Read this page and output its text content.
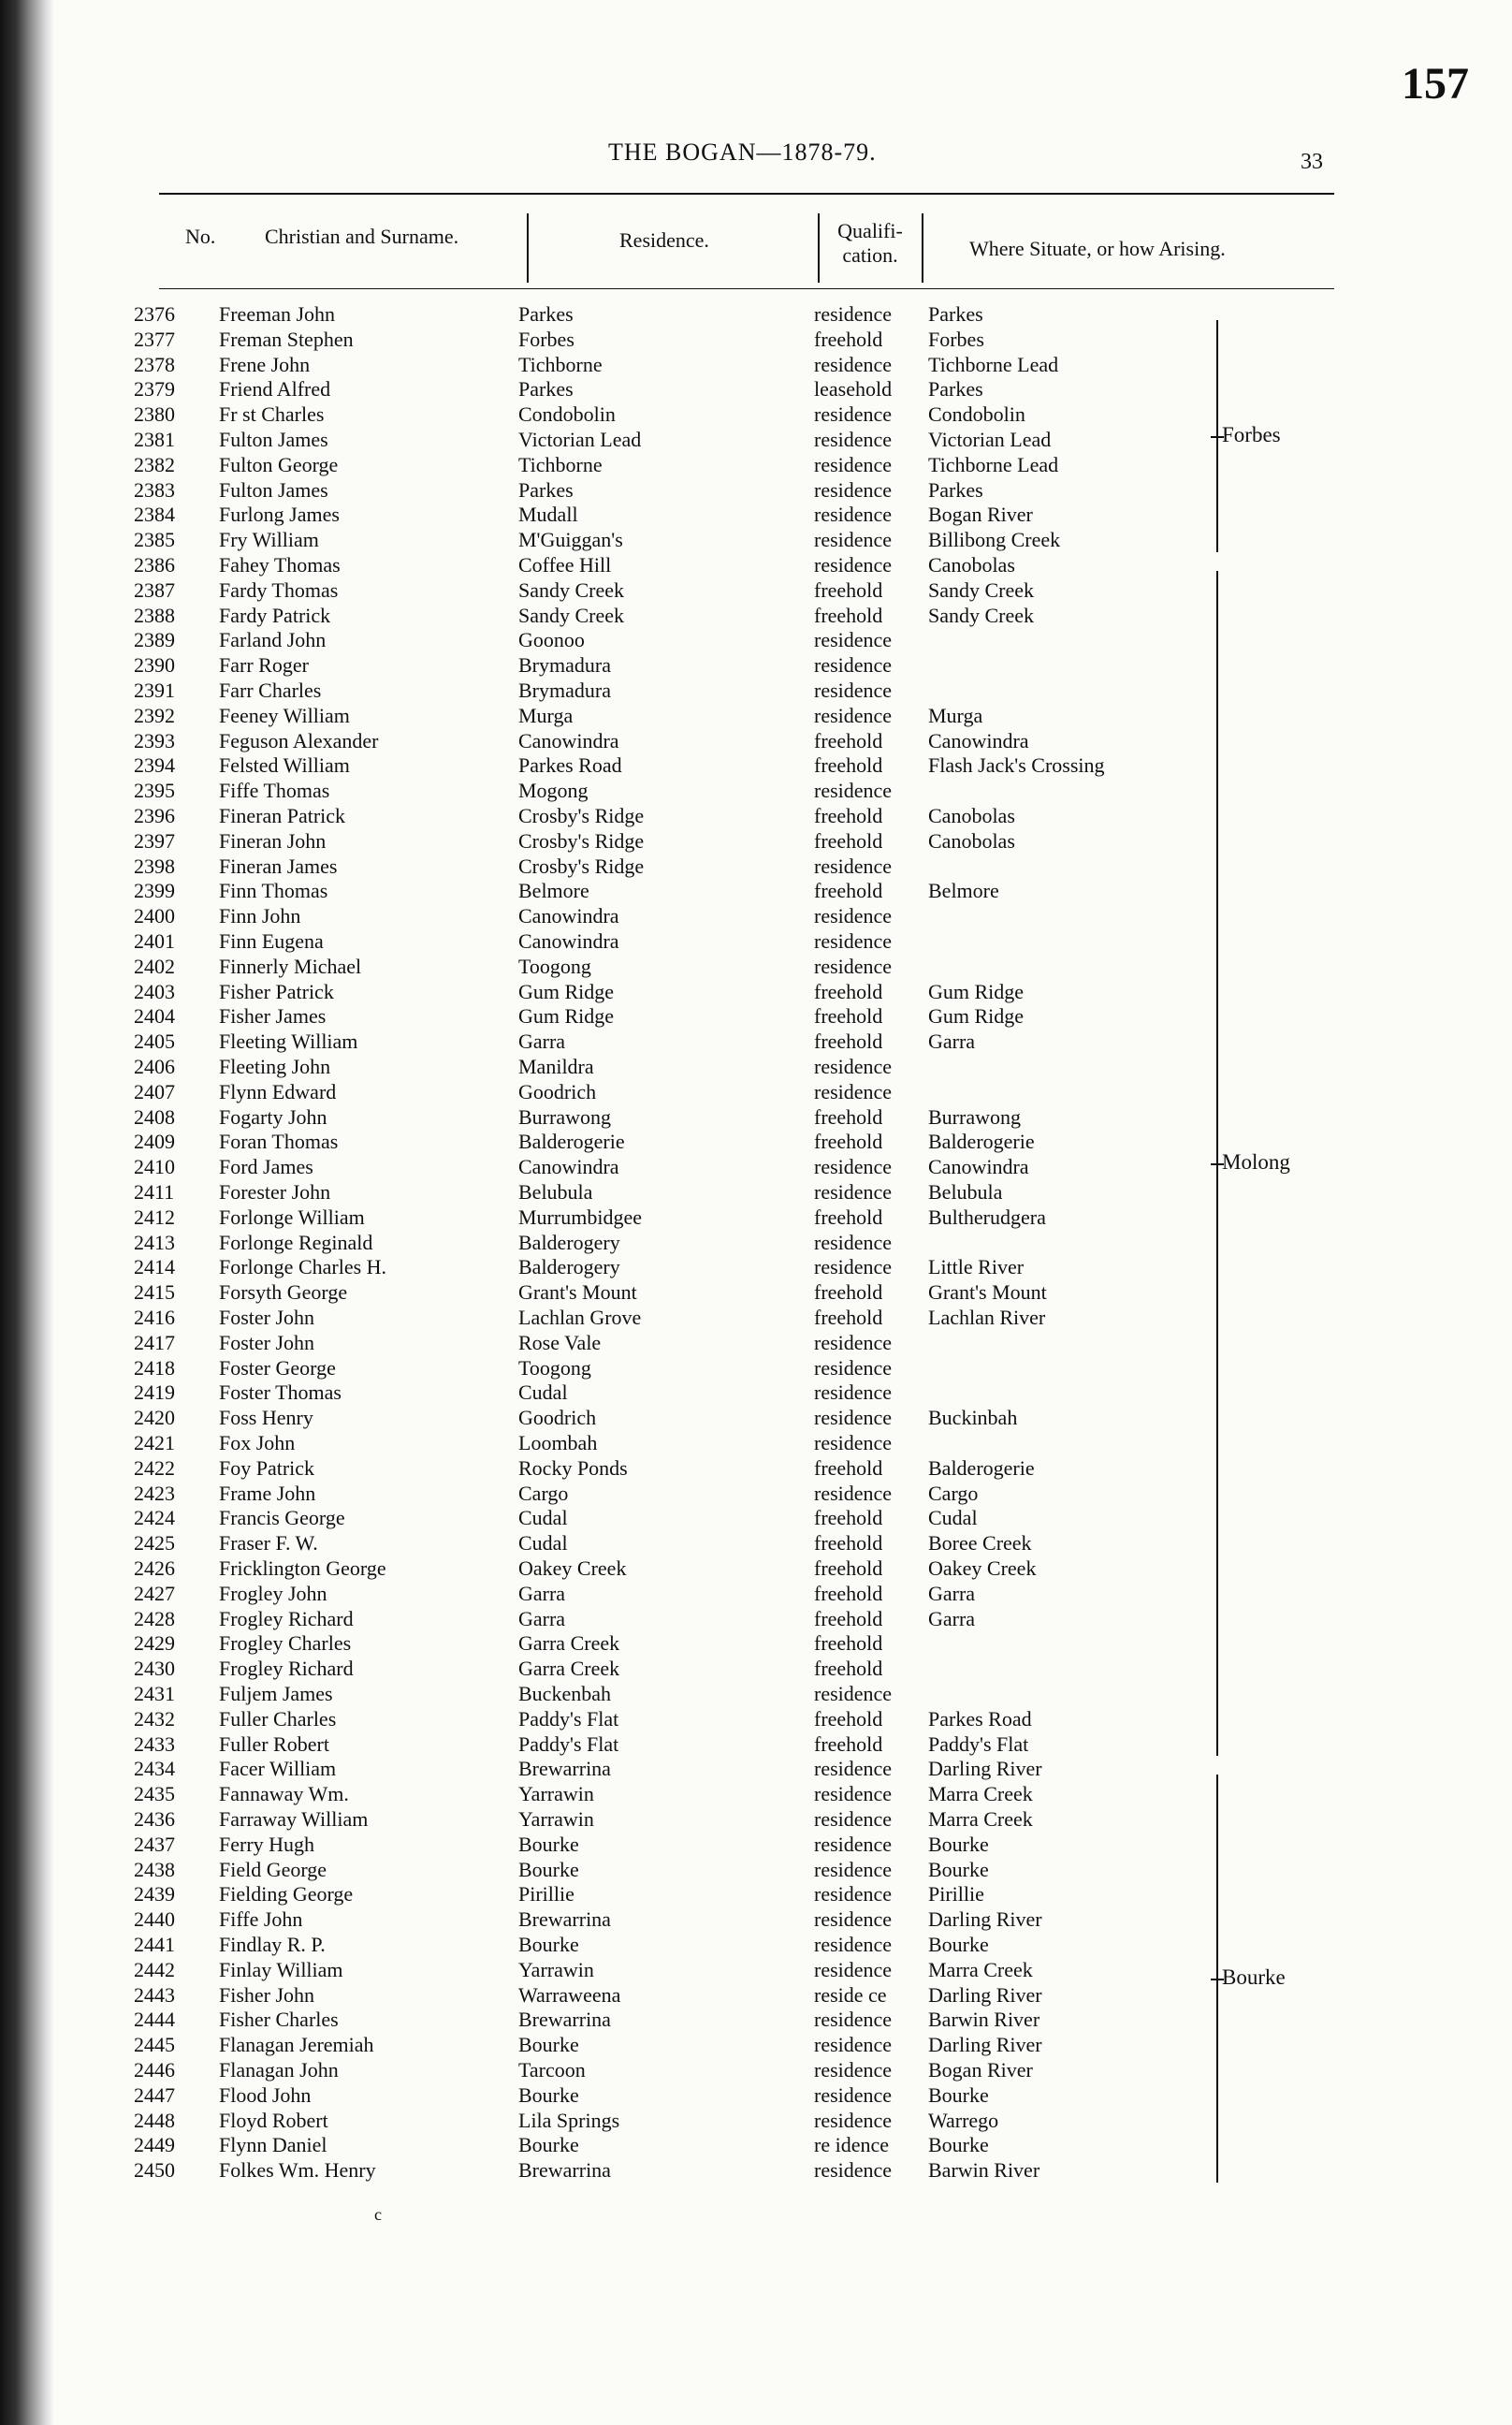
157
THE BOGAN—1878-79.	33
No. Christian and Surname.	Residence.	Qualifi-
cation.	Where Situate, or how Arising.
2376	Freeman John	Parkes	residence Parkes
2377	Freman Stephen	Forbes	freehold Forbes
2378	Frene John	Tichborne	residence Tichborne Lead
2379	Friend Alfred	Parkes	leasehold Parkes
2380	Fr st Charles	Condobolin	residence Condobolin
2381	Fulton James	Victorian Lead	residence Victorian Lead
2382	Fulton George	Tichborne	residence Tichborne Lead
2383	Fulton James	Parkes	residence Parkes
2384	Furlong James	Mudall	residence Bogan River
2385	Fry William	M'Guiggan's	residence Billibong Creek
2386	Fahey Thomas	Coffee Hill	residence Canobolas
2387	Fardy Thomas	Sandy Creek	freehold Sandy Creek
2388	Fardy Patrick	Sandy Creek	freehold Sandy Creek
2389	Farland John	Goonoo	residence
2390	Farr Roger	Brymadura	residence
2391	Farr Charles	Brymadura	residence
2392	Feeney William	Murga	residence Murga
2393	Feguson Alexander	Canowindra	freehold Canowindra
2394	Felsted William	Parkes Road	freehold Flash Jack's Crossing
2395	Fiffe Thomas	Mogong	residence
2396	Fineran Patrick	Crosby's Ridge	freehold Canobolas
2397	Fineran John	Crosby's Ridge	freehold Canobolas
2398	Fineran James	Crosby's Ridge	residence
2399	Finn Thomas	Belmore	freehold Belmore
2400	Finn John	Canowindra	residence
2401	Finn Eugena	Canowindra	residence
2402	Finnerly Michael	Toogong	residence
2403	Fisher Patrick	Gum Ridge	freehold Gum Ridge
2404	Fisher James	Gum Ridge	freehold Gum Ridge
2405	Fleeting William	Garra	freehold Garra
2406	Fleeting John	Manildra	residence
2407	Flynn Edward	Goodrich	residence
2408	Fogarty John	Burrawong	freehold Burrawong
2409	Foran Thomas	Balderogerie	freehold Balderogerie
2410	Ford James	Canowindra	residence Canowindra
2411	Forester John	Belubula	residence Belubula
2412	Forlonge William	Murrumbidgee	freehold Bultherudgera
2413	Forlonge Reginald	Balderogery	residence
2414	Forlonge Charles H.	Balderogery	residence Little River
2415	Forsyth George	Grant's Mount	freehold Grant's Mount
2416	Foster John	Lachlan Grove	freehold Lachlan River
2417	Foster John	Rose Vale	residence
2418	Foster George	Toogong	residence
2419	Foster Thomas	Cudal	residence
2420	Foss Henry	Goodrich	residence Buckinbah
2421	Fox John	Loombah	residence
2422	Foy Patrick	Rocky Ponds	freehold Balderogerie
2423	Frame John	Cargo	residence Cargo
2424	Francis George	Cudal	freehold Cudal
2425	Fraser F. W.	Cudal	freehold Boree Creek
2426	Fricklington George	Oakey Creek	freehold Oakey Creek
2427	Frogley John	Garra	freehold Garra
2428	Frogley Richard	Garra	freehold Garra
2429	Frogley Charles	Garra Creek	freehold
2430	Frogley Richard	Garra Creek	freehold
2431	Fuljem James	Buckenbah	residence
2432	Fuller Charles	Paddy's Flat	freehold Parkes Road
2433	Fuller Robert	Paddy's Flat	freehold Paddy's Flat
2434	Facer William	Brewarrina	residence Darling River
2435	Fannaway Wm.	Yarrawin	residence Marra Creek
2436	Farraway William	Yarrawin	residence Marra Creek
2437	Ferry Hugh	Bourke	residence Bourke
2438	Field George	Bourke	residence Bourke
2439	Fielding George	Pirillie	residence Pirillie
2440	Fiffe John	Brewarrina	residence Darling River
2441	Findlay R. P.	Bourke	residence Bourke
2442	Finlay William	Yarrawin	residence Marra Creek
2443	Fisher John	Warraweena	reside ce Darling River
2444	Fisher Charles	Brewarrina	residence Barwin River
2445	Flanagan Jeremiah	Bourke	residence Darling River
2446	Flanagan John	Tarcoon	residence Bogan River
2447	Flood John	Bourke	residence Bourke
2448	Floyd Robert	Lila Springs	residence Warrego
2449	Flynn Daniel	Bourke	re idence Bourke
2450	Folkes Wm. Henry	Brewarrina	residence Barwin River
Forbes
Molong
Bourke
c
